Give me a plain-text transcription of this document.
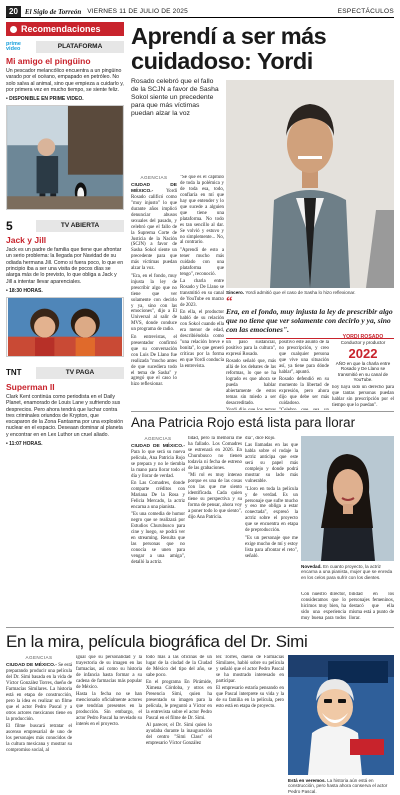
20	El Siglo de Torreón VIERNES 11 DE JULIO DE 2025	ESPECTÁCULOS
Recomendaciones
prime video	PLATAFORMA
Mi amigo el pingüino
Un pescador melancólico encuentra a un pingüino varado por el océano, empapado en petróleo. No solo salva al animal, sino que empieza a cuidarlo y, por primera vez en mucho tiempo, se siente feliz.
• DISPONIBLE EN PRIME VIDEO.
5	TV ABIERTA
Jack y Jill
Jack es un padre de familia que tiene que afrontar un serio problema: la llegada por Navidad de su odiada hermana Jill. Como si fuera poco, lo que en principio iba a ser una visita de pocos días se alarga más de lo previsto, lo que obliga a Jack y Jill a intentar llevar aparenciales.
• 18:30 HORAS.
TNT	TV PAGA
Superman II
Clark Kent continúa como periodista en el Daily Planet, enamorado de Louis Lane y sufriendo sus desprecios. Pero ahora tendrá que luchar contra tres criminales oriundos de Krypton, que escaparon de la Zona Fantasma por una explosión nuclear en el espacio. Deseaan dominar al planeta y encontrar en en Lex Luthor un cruel aliado.
• 11:07 HORAS.
Aprendí a ser más cuidadoso: Yordi
Rosado celebró que el fallo de la SCJN a favor de Sasha Sokol siente un precedente para que más víctimas puedan alzar la voz
AGENCIAS

CIUDAD DE MÉXICO.-	Yordi Rosado calificó como "muy injusto" lo que durante años implicó denunciar abusos sexuales del pasado, y celebró que el fallo de la Suprema Corte de Justicia de la Nación (SCJN) a favor de Sasha Sokol siente un precedente para que más víctimas puedan alzar la voz.

"Era, en el fondo, muy injusta la ley de prescribir algo que no tiene que ver solamente con decirlo y ya, sino con las emociones", dijo a El Universal al salir de MVS, donde conduce un programa de radio.

En entrevistas, el presentador confirmó que su conversación con Luis De Llano fue realizada "mucho antes de que sucediera todo el tema de Sasha" y agregó que el caso lo hizo reflexionar.

"Sé que es el capítulo de toda la polémica y de toda esa, todo, confiaría en mí que hay que entender y lo que sucede a alguien que tiene una plataforma. No todo es tan sencillo al dar. Se volvió y estuvo y no simplemente... No, al contrario.

"Aprendí de esto a tener mucho más cuidado con una plataforma que tengo", reconoció.

La charla entre Rosado y De Llano se transmitió en su canal de YouTube en marzo de 2023.

En ella, el productor habló de su relación con Sokol cuando ella era menor de edad, describiéndola como "una relación breve e bonita", lo que generó críticas por la forma en que Yordi conducía la entrevista.

un paso sustancial, positivo para la cultura", expresó Rosado.

Rosado señaló que, más allá de los debates de las reformas, lo que se ha logrado es que ahora se pueda hablar abiertamente de estos temas sin miedo a ser desacreditado.

positivo este asunto de la no prescripción, y creo que cualquier persona que vive una situación así, ya tiene para dónde hablar", apuntó.

Rosado defendió en su momento la libertad de expresión, pero ahora dijo que debe ser más cuidadoso.

hoy haya sido un derecho para que tantas personas puedan hablar sin prescripción por el tiempo que lo puedan".

Sincero. Yordi admitió que el caso de Sasha lo hizo reflexionar.
“
Era, en el fondo, muy injusta la ley de prescribir algo que no tiene que ver solamente con decirlo y ya, sino con las emociones".
YORDI ROSADO
Conductor y productor
2022
AÑO en que la charla entre Rosado y De Llano se transmitió en su canal de YouTube.
Ana Patricia Rojo está lista para llorar
AGENCIAS

CIUDAD DE MÉXICO.- Para lo que será su nueva película, Ana Patricia Rojo se prepara y no le tiembla la mano para llorar todo el día y llorar de verdad.

En Las Comadres, donde comparte créditos con Mariana De la Rosa y Felicia Mercado, la actriz encarna a una pianista.

"Es una comedia de humor negro que se realizará por Estudios Churubusco para cine y luego, se podrá ver en streaming. Resulta que las personas que no conocía se unen para vengar a una amiga", detalló la actriz.

tidad, pero la memoria me ha fallado. Los Comadres se estrenará en 2026. En Churubusco no tienen todavía ni fecha de estreno de las grabaciones.

"Mi rol es muy intenso porque es una de las cosas con las que me siento identificada. Cada quien tiene su perspectiva y su forma de pensar, ahora voy a poner todo lo que siento", dijo Ana Patricia.

dia", dice Rojo.

Las llamadas en las que habla sobre el rodaje la actriz anticipa que este será su papel más complejo y donde podrá mostrar su lado más vulnerable.

"Lloro en toda la película y de verdad. Es un personaje que sufre mucho y eso me obliga a estar conectada", expresó la actriz sobre el proyecto que se encuentra en etapa de preproducción.

"Es un personaje que me exige mucho de mí y estoy lista para afrontar el reto", señaló.

Novedad. En cuanto proyecto, la actriz encarna a una pianista, mujer que se enreda en los celos para sufrir con los dientes.

Con nuestro director, consideramos que lo hicimos muy bien, ha sido una experiencia muy buena para todos

bilidad en los personajes femeninos, destacó que ella misma está a punto de llorar.

En la mira, película biográfica del Dr. Simi
AGENCIAS

CIUDAD DE MÉXICO.- Se está preparando producir una película del Dr. Simi basada en la vida de Víctor González Torres, dueño de Farmacias Similares. La historia está en etapa de construcción, pero la idea es realizar un filme que el actor Pedro Pascal y a otros actores mexicanos tiene en la producción.

El filme buscará retratar el ascenso empresarial de uno de los personajes más conocidos de la cultura mexicana y mostrar su compromiso social, al

igual que su personalidad y la trayectoria de su imagen en las farmacias, así como su historia de infancia hasta formar a su cadena de farmacias más popular de México.

Hasta la fecha no se han mencionado oficialmente actores que tendrían presentes en la producción. Sin embargo, el actor Pedro Pascal ha revelado su interés en el proyecto.

todo más a las oficinas de un lugar de la ciudad de la Ciudad de México del tipo del año, se sabe poco.

En el programa En Pirámide, Ximena Córdoba, y otros en Presencia Simi, quien ha presentado su imagen para la película, le preguntó a Víctor en la entrevista sobre el actor Pedro Pascal en el filme de Dr. Simi.

Al parecer, el Dr. Simi quien lo ayudaba durante la inauguración del centro "Simi Class" el empresario Víctor González

lez Torres, dueño de Farmacias Similares, habló sobre su película y señaló que el actor Pedro Pascal se ha mostrado interesado en participar.

El empresario estaría pensando en que Pascal interprete su vida y la de su familia en la película, pero esto está en etapa de proyecto.

Está en veremos. La historia aún está en construcción, pero hasta ahora conserva el actor Pedro Pascal.
